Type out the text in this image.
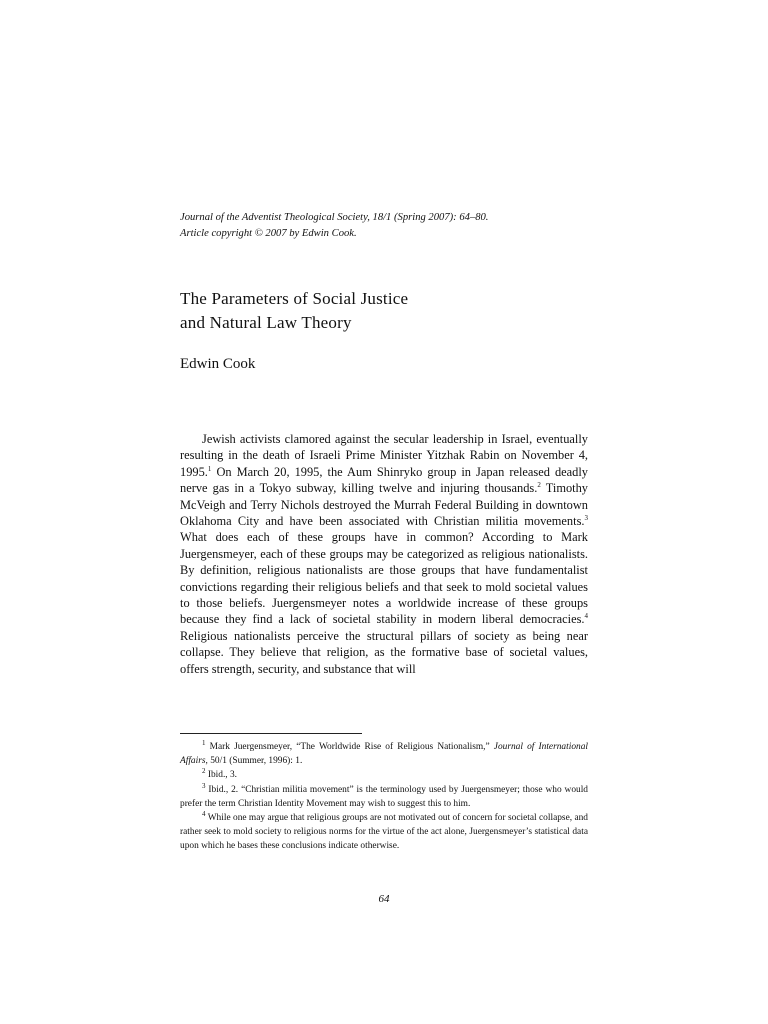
Journal of the Adventist Theological Society, 18/1 (Spring 2007): 64–80.
Article copyright © 2007 by Edwin Cook.
The Parameters of Social Justice
and Natural Law Theory
Edwin Cook

Jewish activists clamored against the secular leadership in Israel, eventually resulting in the death of Israeli Prime Minister Yitzhak Rabin on November 4, 1995.$^1$ On March 20, 1995, the Aum Shinryko group in Japan released deadly nerve gas in a Tokyo subway, killing twelve and injuring thousands.$^2$ Timothy McVeigh and Terry Nichols destroyed the Murrah Federal Building in downtown Oklahoma City and have been associated with Christian militia movements.$^3$ What does each of these groups have in common? According to Mark Juergensmeyer, each of these groups may be categorized as religious nationalists. By definition, religious nationalists are those groups that have fundamentalist convictions regarding their religious beliefs and that seek to mold societal values to those beliefs. Juergensmeyer notes a worldwide increase of these groups because they find a lack of societal stability in modern liberal democracies.$^4$ Religious nationalists perceive the structural pillars of society as being near collapse. They believe that religion, as the formative base of societal values, offers strength, security, and substance that will

$^1$ Mark Juergensmeyer, “The Worldwide Rise of Religious Nationalism,” Journal of International Affairs, 50/1 (Summer, 1996): 1.

$^2$ Ibid., 3.

$^3$ Ibid., 2. “Christian militia movement” is the terminology used by Juergensmeyer; those who would prefer the term Christian Identity Movement may wish to suggest this to him.

$^4$ While one may argue that religious groups are not motivated out of concern for societal collapse, and rather seek to mold society to religious norms for the virtue of the act alone, Juergensmeyer’s statistical data upon which he bases these conclusions indicate otherwise.

64
